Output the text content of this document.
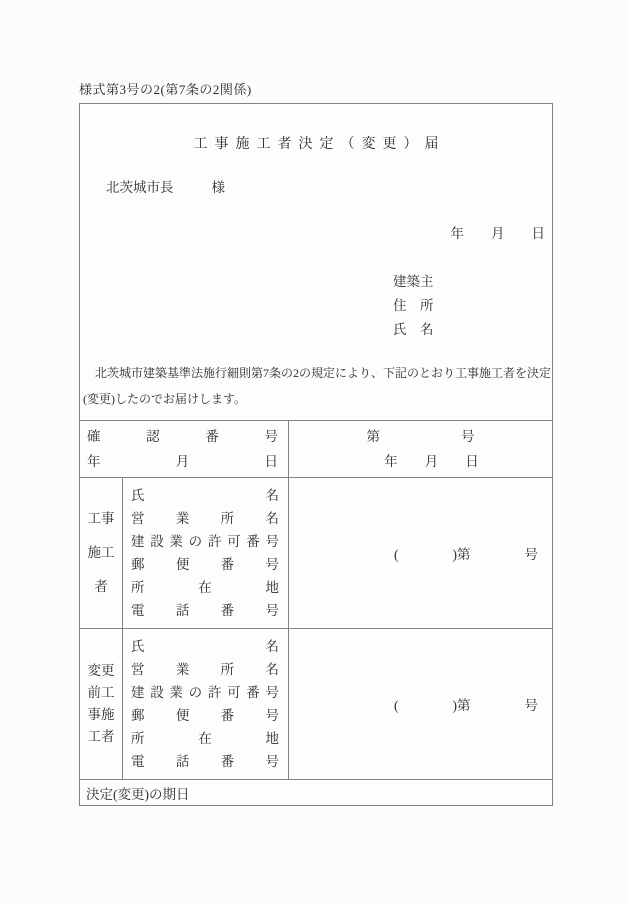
様式第3号の2(第7条の2関係)
工事施工者決定（変更）届
北茨城市長	様
年　　月　　日
建築主
住　所
氏　名
北茨城市建築基準法施行細則第7条の2の規定により、下記のとおり工事施工者を決定
(変更)したのでお届けします。
確認番号
年月日
第　　　　　　号
年　　月　　日
工事
施工
者
氏名
営業所名
建設業の許可番号
郵便番号
所在地
電話番号
(　　　　)第　　　　号
変更
前工
事施
工者
氏名
営業所名
建設業の許可番号
郵便番号
所在地
電話番号
(　　　　)第　　　　号
決定(変更)の期日
